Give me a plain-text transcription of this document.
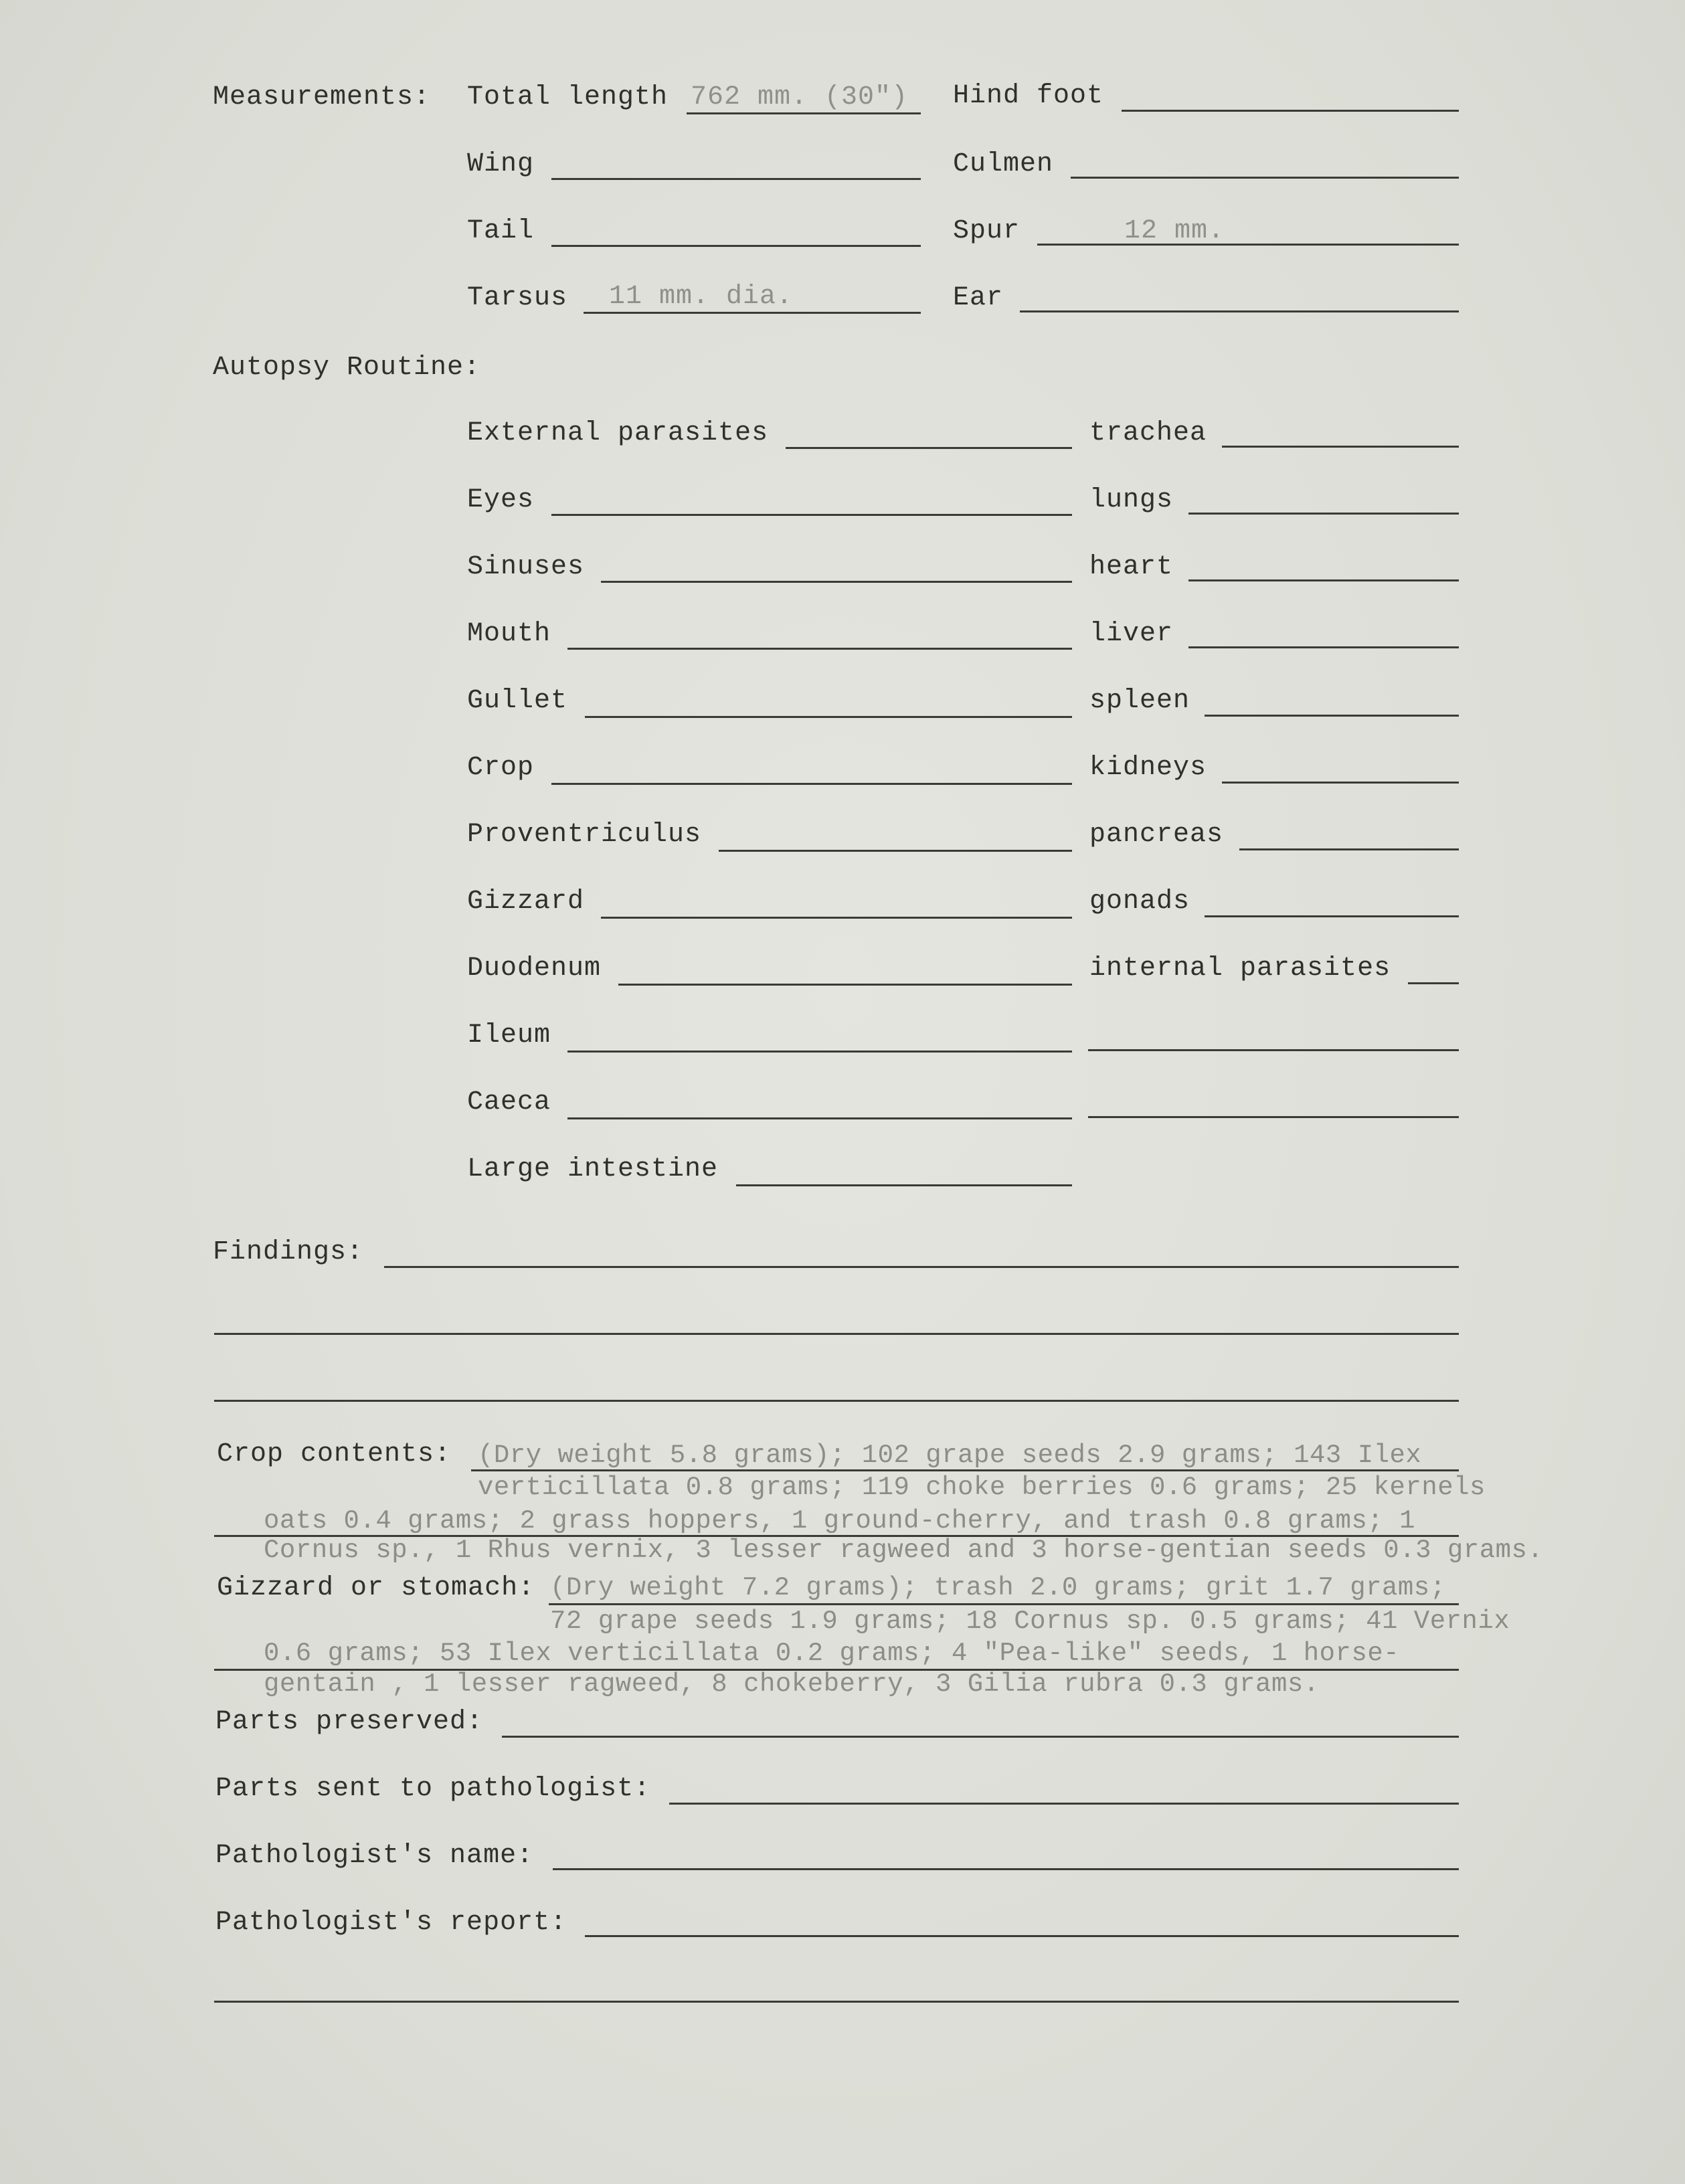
Measurements: Total length 762 mm. (30") Hind foot
Wing	Culmen
Tail	Spur	12 mm.
Tarsus 11 mm. dia.	Ear
Autopsy Routine:
External parasites	trachea
Eyes	lungs
Sinuses	heart
Mouth	liver
Gullet	spleen
Crop	kidneys
Proventriculus	pancreas
Gizzard	gonads
Duodenum	internal parasites
Ileum
Caeca
Large intestine
Findings:
Crop contents: (Dry weight 5.8 grams); 102 grape seeds 2.9 grams; 143 Ilex
verticillata 0.8 grams; 119 choke berries 0.6 grams; 25 kernels
oats 0.4 grams; 2 grass hoppers, 1 ground-cherry, and trash 0.8 grams; 1
Cornus sp., 1 Rhus vernix, 3 lesser ragweed and 3 horse-gentian seeds 0.3 grams.
Gizzard or stomach: (Dry weight 7.2 grams); trash 2.0 grams; grit 1.7 grams;
72 grape seeds 1.9 grams; 18 Cornus sp. 0.5 grams; 41 Vernix
0.6 grams; 53 Ilex verticillata 0.2 grams; 4 "Pea-like" seeds, 1 horse-
gentain , 1 lesser ragweed, 8 chokeberry, 3 Gilia rubra 0.3 grams.
Parts preserved:
Parts sent to pathologist:
Pathologist's name:
Pathologist's report:
